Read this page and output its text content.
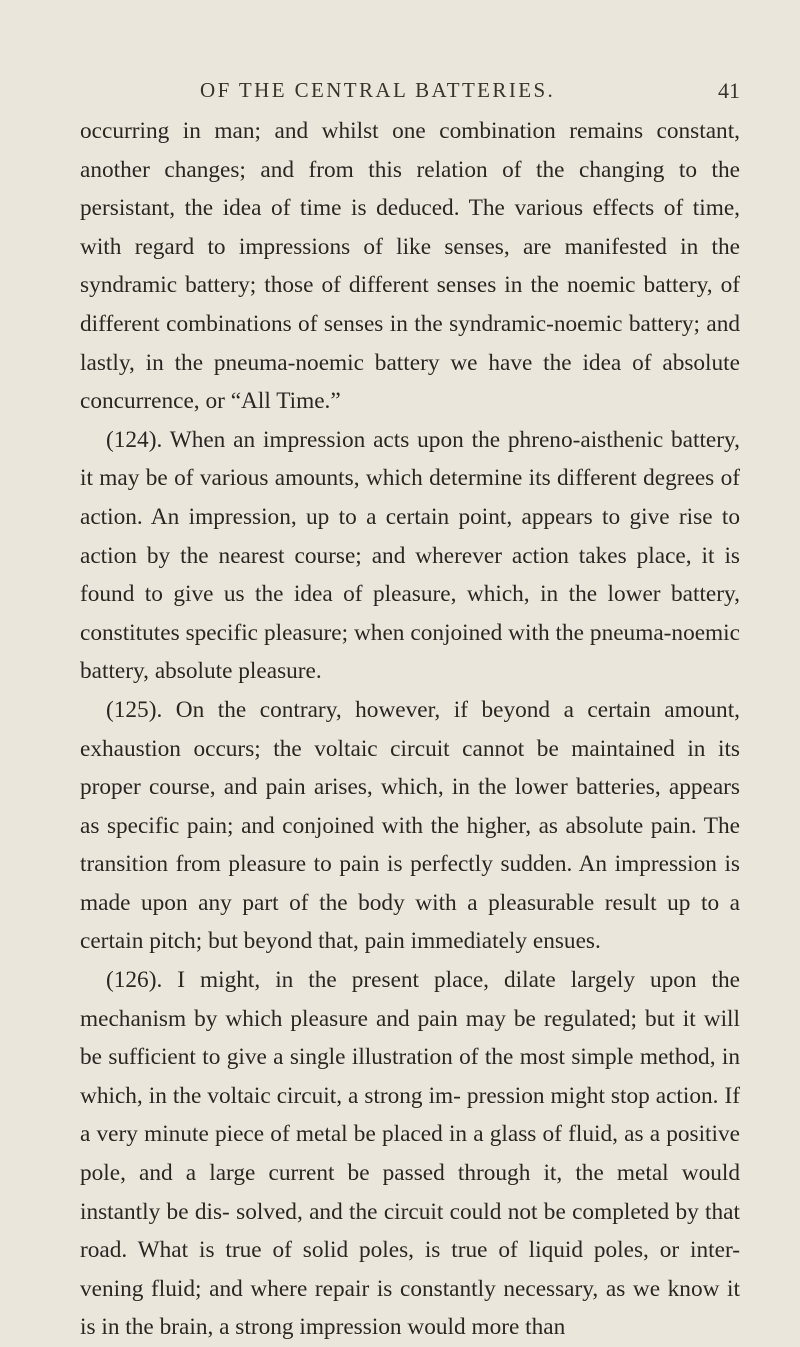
OF THE CENTRAL BATTERIES.	41

occurring in man; and whilst one combination remains constant, another changes; and from this relation of the changing to the persistant, the idea of time is deduced. The various effects of time, with regard to impressions of like senses, are manifested in the syndramic battery; those of different senses in the noemic battery, of different combinations of senses in the syndramic-noemic battery; and lastly, in the pneuma-noemic battery we have the idea of absolute concurrence, or “All Time.”

(124). When an impression acts upon the phreno-aisthenic battery, it may be of various amounts, which determine its different degrees of action. An impression, up to a certain point, appears to give rise to action by the nearest course; and wherever action takes place, it is found to give us the idea of pleasure, which, in the lower battery, constitutes specific pleasure; when conjoined with the pneuma-noemic battery, absolute pleasure.

(125). On the contrary, however, if beyond a certain amount, exhaustion occurs; the voltaic circuit cannot be maintained in its proper course, and pain arises, which, in the lower batteries, appears as specific pain; and conjoined with the higher, as absolute pain. The transition from pleasure to pain is perfectly sudden. An impression is made upon any part of the body with a pleasurable result up to a certain pitch; but beyond that, pain immediately ensues.

(126). I might, in the present place, dilate largely upon the mechanism by which pleasure and pain may be regulated; but it will be sufficient to give a single illustration of the most simple method, in which, in the voltaic circuit, a strong im- pression might stop action. If a very minute piece of metal be placed in a glass of fluid, as a positive pole, and a large current be passed through it, the metal would instantly be dis- solved, and the circuit could not be completed by that road. What is true of solid poles, is true of liquid poles, or inter- vening fluid; and where repair is constantly necessary, as we know it is in the brain, a strong impression would more than
